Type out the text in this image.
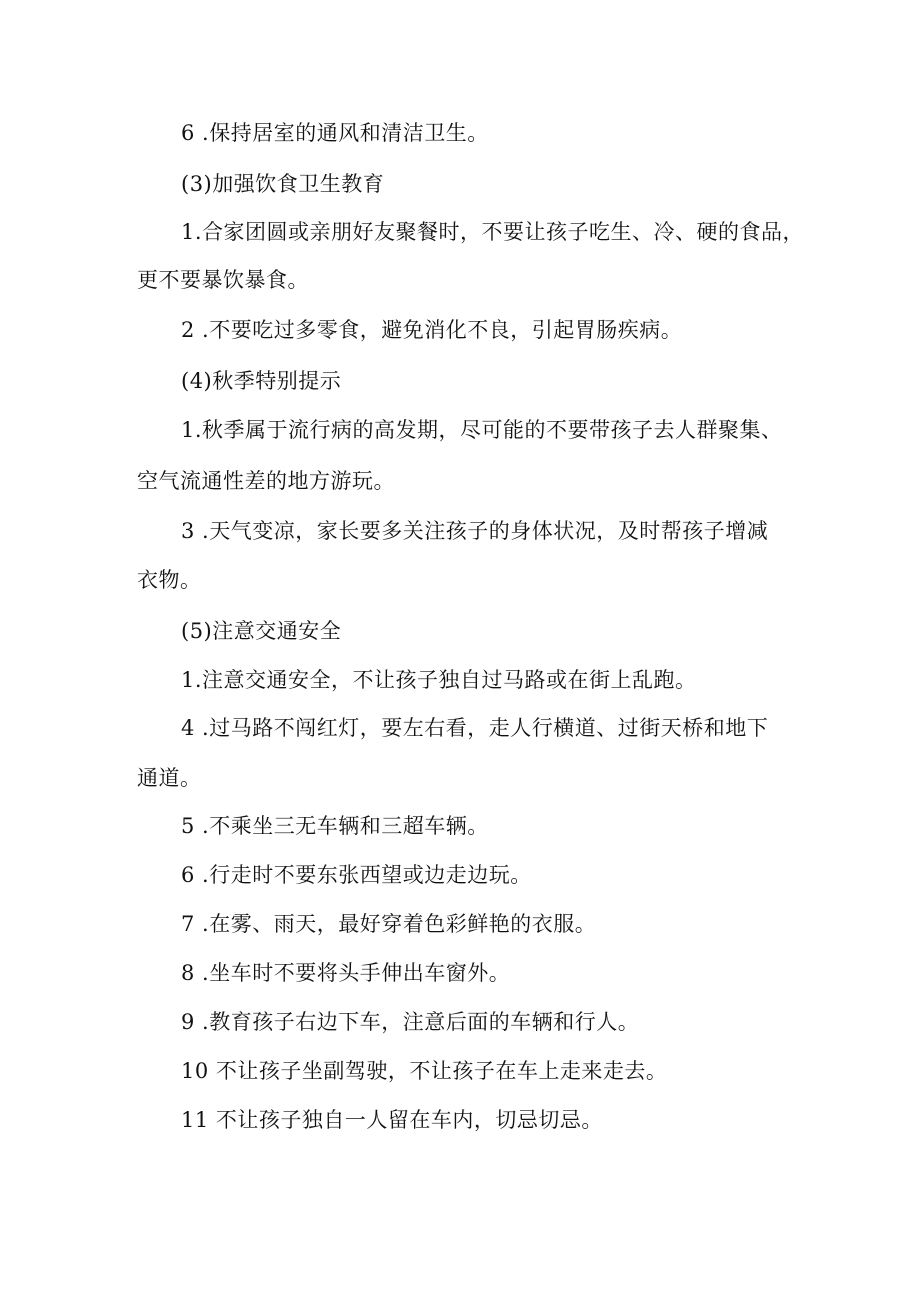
6 .保持居室的通风和清洁卫生。
(3)加强饮食卫生教育
1.合家团圆或亲朋好友聚餐时，不要让孩子吃生、冷、硬的食品，
更不要暴饮暴食。
2 .不要吃过多零食，避免消化不良，引起胃肠疾病。
(4)秋季特别提示
1.秋季属于流行病的高发期，尽可能的不要带孩子去人群聚集、
空气流通性差的地方游玩。
3 .天气变凉，家长要多关注孩子的身体状况，及时帮孩子增减
衣物。
(5)注意交通安全
1.注意交通安全，不让孩子独自过马路或在街上乱跑。
4 .过马路不闯红灯，要左右看，走人行横道、过街天桥和地下
通道。
5 .不乘坐三无车辆和三超车辆。
6 .行走时不要东张西望或边走边玩。
7 .在雾、雨天，最好穿着色彩鲜艳的衣服。
8 .坐车时不要将头手伸出车窗外。
9 .教育孩子右边下车，注意后面的车辆和行人。
10 不让孩子坐副驾驶，不让孩子在车上走来走去。
11 不让孩子独自一人留在车内，切忌切忌。
